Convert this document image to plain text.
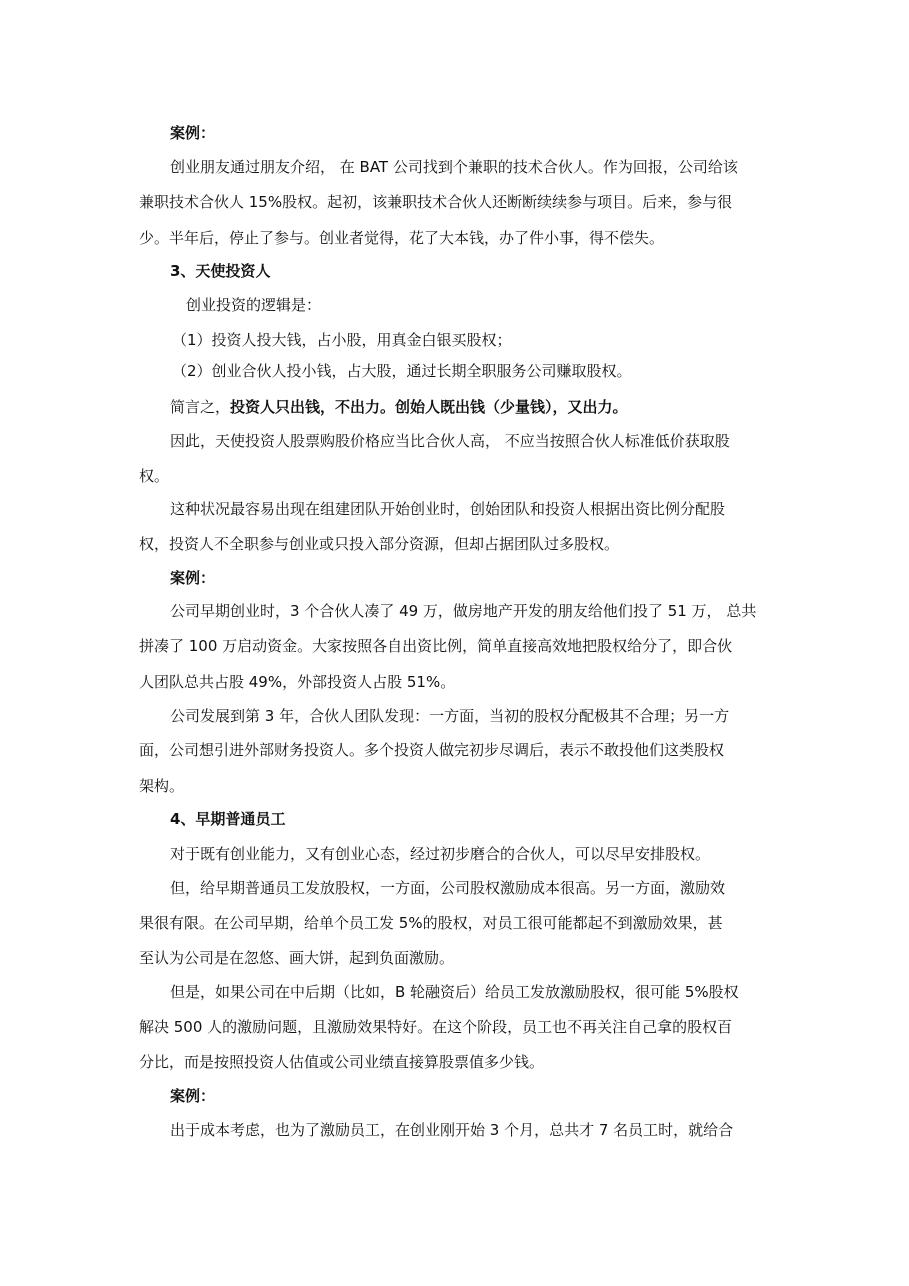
案例：
创业朋友通过朋友介绍， 在 BAT 公司找到个兼职的技术合伙人。作为回报，公司给该
兼职技术合伙人 15%股权。起初，该兼职技术合伙人还断断续续参与项目。后来，参与很
少。半年后，停止了参与。创业者觉得，花了大本钱，办了件小事，得不偿失。
3、天使投资人
创业投资的逻辑是：
（1）投资人投大钱，占小股，用真金白银买股权；
（2）创业合伙人投小钱，占大股，通过长期全职服务公司赚取股权。
简言之，投资人只出钱，不出力。创始人既出钱（少量钱），又出力。
因此，天使投资人股票购股价格应当比合伙人高， 不应当按照合伙人标准低价获取股
权。
这种状况最容易出现在组建团队开始创业时，创始团队和投资人根据出资比例分配股
权，投资人不全职参与创业或只投入部分资源，但却占据团队过多股权。
案例：
公司早期创业时，3 个合伙人凑了 49 万，做房地产开发的朋友给他们投了 51 万， 总共
拼凑了 100 万启动资金。大家按照各自出资比例，简单直接高效地把股权给分了，即合伙
人团队总共占股 49%，外部投资人占股 51%。
公司发展到第 3 年，合伙人团队发现：一方面，当初的股权分配极其不合理；另一方
面，公司想引进外部财务投资人。多个投资人做完初步尽调后，表示不敢投他们这类股权
架构。
4、早期普通员工
对于既有创业能力，又有创业心态，经过初步磨合的合伙人，可以尽早安排股权。
但，给早期普通员工发放股权，一方面，公司股权激励成本很高。另一方面，激励效
果很有限。在公司早期，给单个员工发 5%的股权，对员工很可能都起不到激励效果，甚
至认为公司是在忽悠、画大饼，起到负面激励。
但是，如果公司在中后期（比如，B 轮融资后）给员工发放激励股权，很可能 5%股权
解决 500 人的激励问题，且激励效果特好。在这个阶段，员工也不再关注自己拿的股权百
分比，而是按照投资人估值或公司业绩直接算股票值多少钱。
案例：
出于成本考虑，也为了激励员工，在创业刚开始 3 个月，总共才 7 名员工时，就给合
